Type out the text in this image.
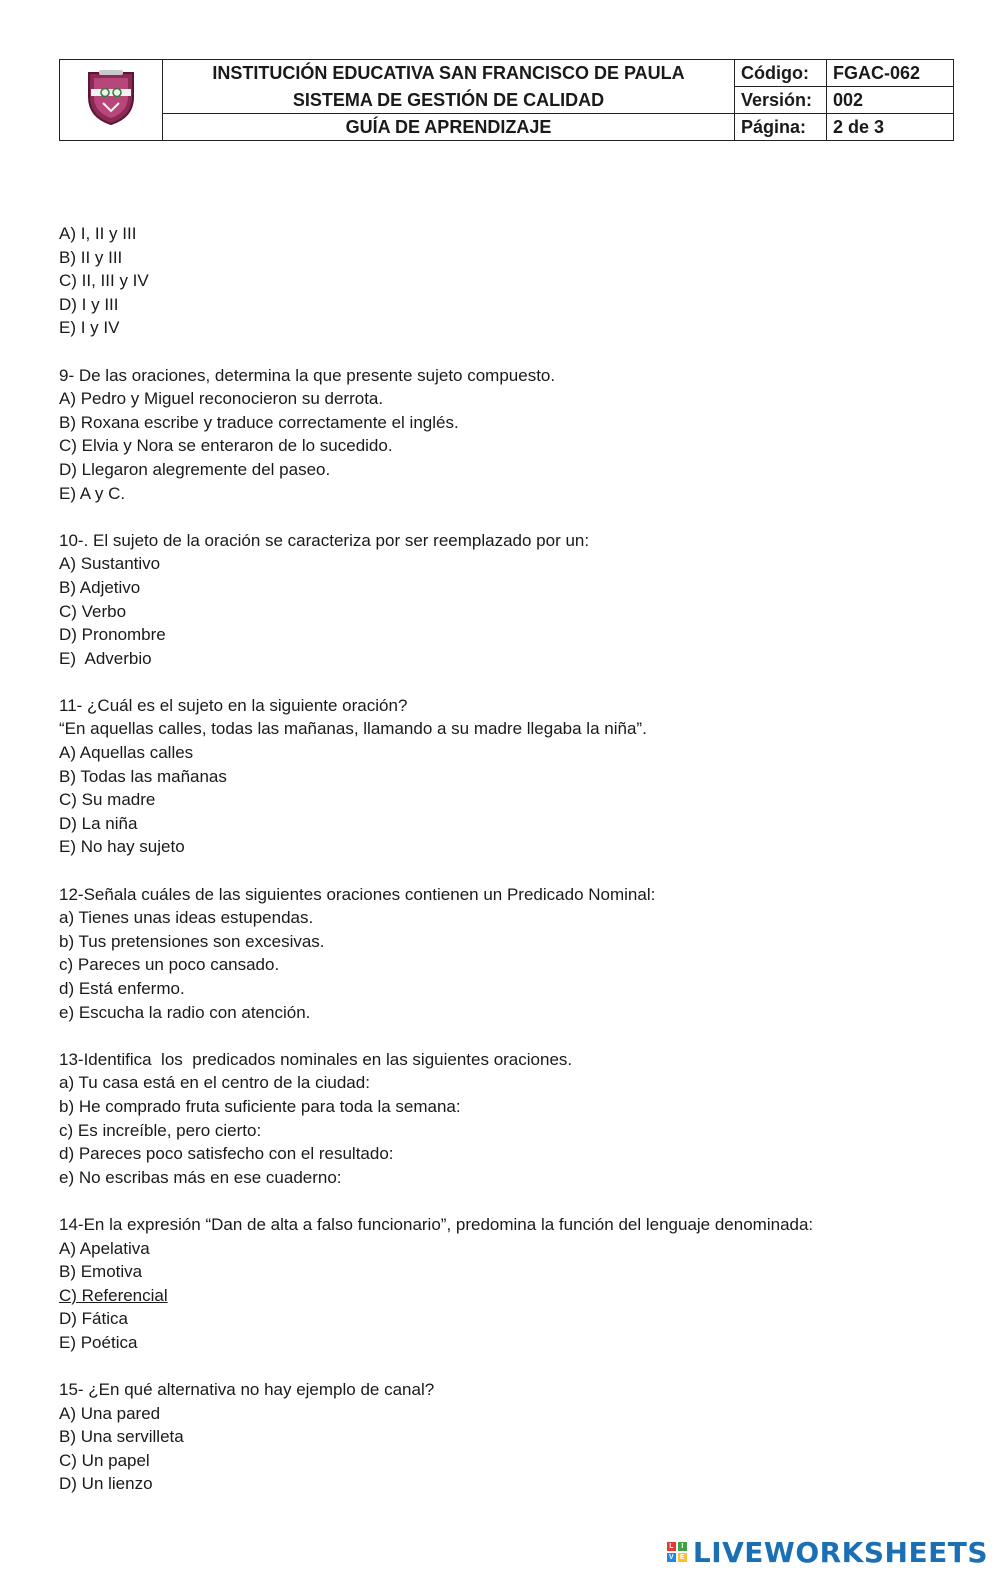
	INSTITUCIÓN EDUCATIVA SAN FRANCISCO DE PAULA	Código:	FGAC-062
	SISTEMA DE GESTIÓN DE CALIDAD	Versión:	002
	GUÍA DE APRENDIZAJE	Página:	2 de 3
A) I, II y III
B) II y III
C) II, III y IV
D) I y III
E) I y IV
9- De las oraciones, determina la que presente sujeto compuesto.
A) Pedro y Miguel reconocieron su derrota.
B) Roxana escribe y traduce correctamente el inglés.
C) Elvia y Nora se enteraron de lo sucedido.
D) Llegaron alegremente del paseo.
E) A y C.
10-. El sujeto de la oración se caracteriza por ser reemplazado por un:
A) Sustantivo
B) Adjetivo
C) Verbo
D) Pronombre
E)  Adverbio
11- ¿Cuál es el sujeto en la siguiente oración?
“En aquellas calles, todas las mañanas, llamando a su madre llegaba la niña”.
A) Aquellas calles
B) Todas las mañanas
C) Su madre
D) La niña
E) No hay sujeto
12-Señala cuáles de las siguientes oraciones contienen un Predicado Nominal:
a) Tienes unas ideas estupendas.
b) Tus pretensiones son excesivas.
c) Pareces un poco cansado.
d) Está enfermo.
e) Escucha la radio con atención.
13-Identifica  los  predicados nominales en las siguientes oraciones.
a) Tu casa está en el centro de la ciudad:
b) He comprado fruta suficiente para toda la semana:
c) Es increíble, pero cierto:
d) Pareces poco satisfecho con el resultado:
e) No escribas más en ese cuaderno:
14-En la expresión “Dan de alta a falso funcionario”, predomina la función del lenguaje denominada:
A) Apelativa
B) Emotiva
C) Referencial
D) Fática
E) Poética
15- ¿En qué alternativa no hay ejemplo de canal?
A) Una pared
B) Una servilleta
C) Un papel
D) Un lienzo
L	I
V E LIVEWORKSHEETS
